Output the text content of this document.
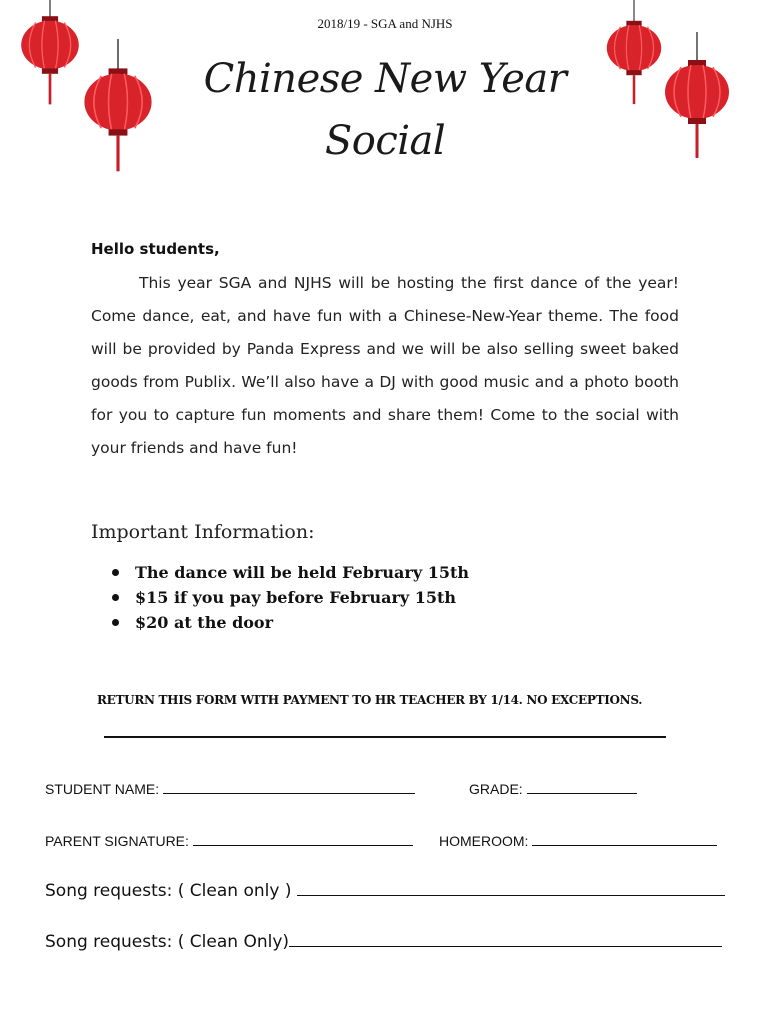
2018/19 - SGA and NJHS
Chinese New Year
Social
Hello students,
This year SGA and NJHS will be hosting the first dance of the year! Come dance, eat, and have fun with a Chinese-New-Year theme. The food will be provided by Panda Express and we will be also selling sweet baked goods from Publix. We’ll also have a DJ with good music and a photo booth for you to capture fun moments and share them! Come to the social with your friends and have fun!
Important Information:
The dance will be held February 15th
$15 if you pay before February 15th
$20 at the door
RETURN THIS FORM WITH PAYMENT TO HR TEACHER BY 1/14. NO EXCEPTIONS.
STUDENT NAME:	GRADE:
PARENT SIGNATURE:	HOMEROOM:
Song requests: ( Clean only )
Song requests: ( Clean Only)
